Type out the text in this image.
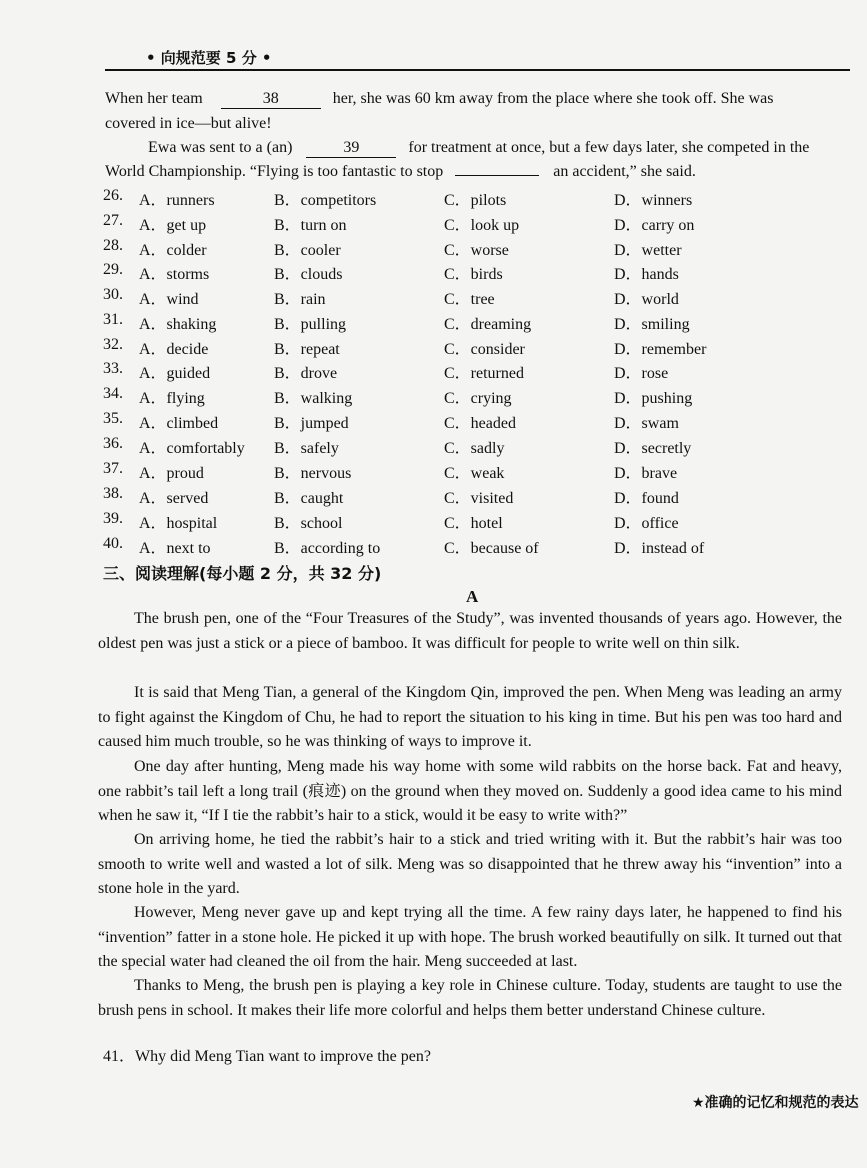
• 向规范要 5 分 •
When her team	38	her, she was 60 km away from the place where she took off. She was
covered in ice—but alive!
Ewa was sent to a (an)	39	for treatment at once, but a few days later, she competed in the
World Championship. “Flying is too fantastic to stop	an accident,” she said.
26. A．runners	B．competitors	C．pilots	D．winners
27. A．get up	B．turn on	C．look up	D．carry on
28. A．colder	B．cooler	C．worse	D．wetter
29. A．storms	B．clouds	C．birds	D．hands
30. A．wind	B．rain	C．tree	D．world
31. A．shaking	B．pulling	C．dreaming	D．smiling
32. A．decide	B．repeat	C．consider	D．remember
33. A．guided	B．drove	C．returned	D．rose
34. A．flying	B．walking	C．crying	D．pushing
35. A．climbed	B．jumped	C．headed	D．swam
36. A．comfortably B．safely	C．sadly	D．secretly
37. A．proud	B．nervous	C．weak	D．brave
38. A．served	B．caught	C．visited	D．found
39. A．hospital	B．school	C．hotel	D．office
40. A．next to	B．according to	C．because of	D．instead of
三、阅读理解(每小题 2 分，共 32 分)
A
The brush pen, one of the “Four Treasures of the Study”, was invented thousands of years ago. However, the oldest pen was just a stick or a piece of bamboo. It was difficult for people to write well on thin silk.
It is said that Meng Tian, a general of the Kingdom Qin, improved the pen. When Meng was leading an army to fight against the Kingdom of Chu, he had to report the situation to his king in time. But his pen was too hard and caused him much trouble, so he was thinking of ways to improve it.
One day after hunting, Meng made his way home with some wild rabbits on the horse back. Fat and heavy, one rabbit’s tail left a long trail (痕迹) on the ground when they moved on. Suddenly a good idea came to his mind when he saw it, “If I tie the rabbit’s hair to a stick, would it be easy to write with?”
On arriving home, he tied the rabbit’s hair to a stick and tried writing with it. But the rabbit’s hair was too smooth to write well and wasted a lot of silk. Meng was so disappointed that he threw away his “invention” into a stone hole in the yard.
However, Meng never gave up and kept trying all the time. A few rainy days later, he happened to find his “invention” fatter in a stone hole. He picked it up with hope. The brush worked beautifully on silk. It turned out that the special water had cleaned the oil from the hair. Meng succeeded at last.
Thanks to Meng, the brush pen is playing a key role in Chinese culture. Today, students are taught to use the brush pens in school. It makes their life more colorful and helps them better understand Chinese culture.
41．Why did Meng Tian want to improve the pen?
★准确的记忆和规范的表达
